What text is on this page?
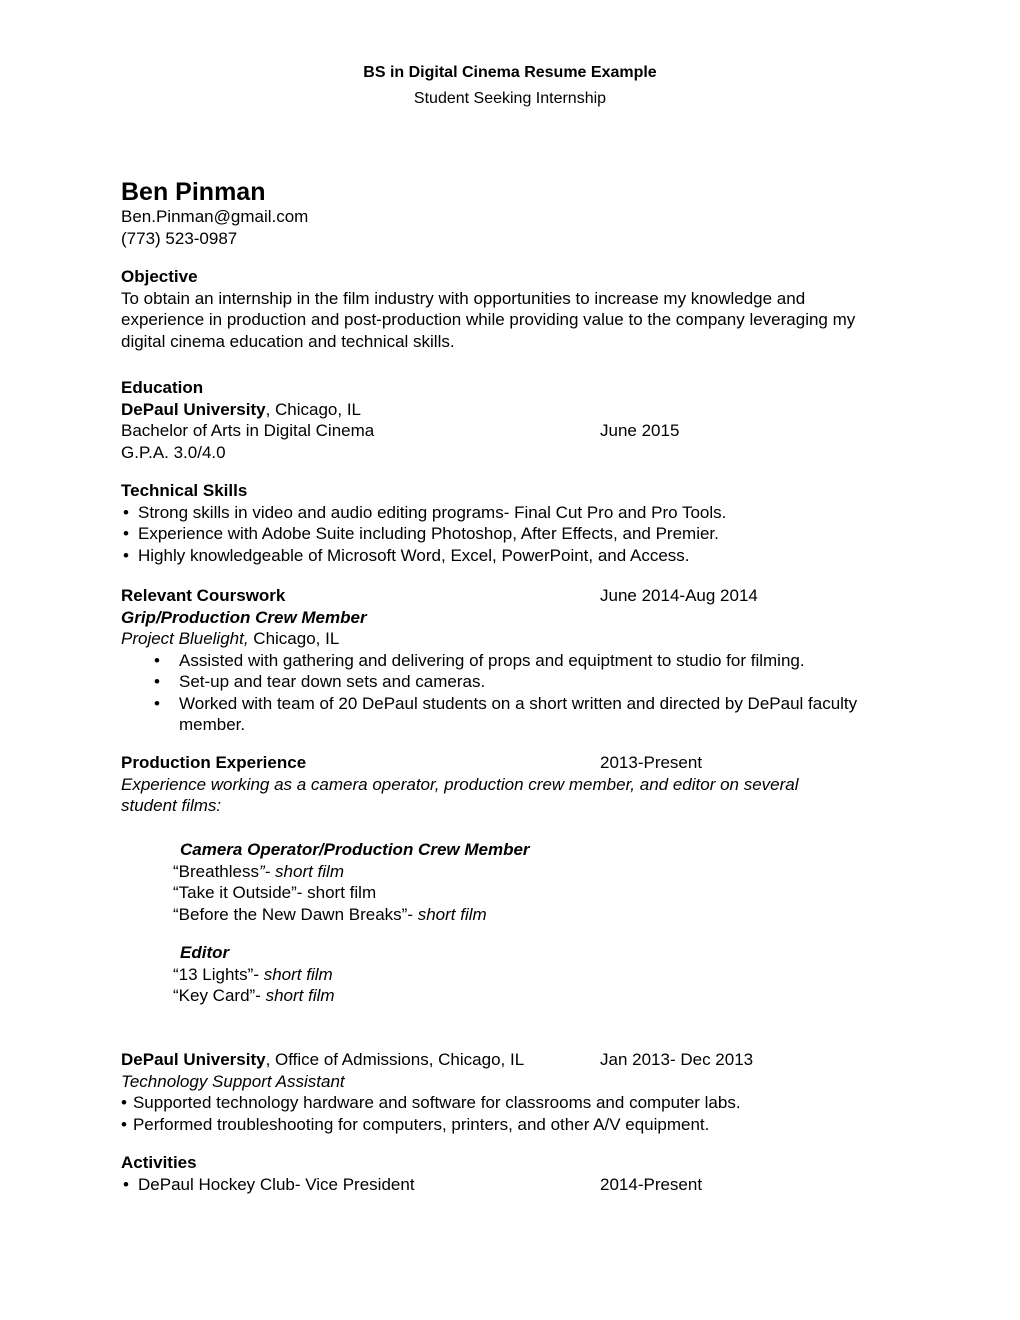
BS in Digital Cinema Resume Example
Student Seeking Internship
Ben Pinman
Ben.Pinman@gmail.com
(773) 523-0987
Objective
To obtain an internship in the film industry with opportunities to increase my knowledge and
experience in production and post-production while providing value to the company leveraging my
digital cinema education and technical skills.
Education
DePaul University, Chicago, IL
Bachelor of Arts in Digital Cinema	June 2015
G.P.A. 3.0/4.0
Technical Skills
• Strong skills in video and audio editing programs- Final Cut Pro and Pro Tools.
• Experience with Adobe Suite including Photoshop, After Effects, and Premier.
• Highly knowledgeable of Microsoft Word, Excel, PowerPoint, and Access.
Relevant Courswork	June 2014-Aug 2014
Grip/Production Crew Member
Project Bluelight, Chicago, IL
• Assisted with gathering and delivering of props and equiptment to studio for filming.
• Set-up and tear down sets and cameras.
• Worked with team of 20 DePaul students on a short written and directed by DePaul faculty
member.
Production Experience	2013-Present
Experience working as a camera operator, production crew member, and editor on several
student films:
Camera Operator/Production Crew Member
“Breathless”- short film
“Take it Outside”- short film
“Before the New Dawn Breaks”- short film
Editor
“13 Lights”- short film
“Key Card”- short film
DePaul University, Office of Admissions, Chicago, IL	Jan 2013- Dec 2013
Technology Support Assistant
• Supported technology hardware and software for classrooms and computer labs.
• Performed troubleshooting for computers, printers, and other A/V equipment.
Activities
• DePaul Hockey Club- Vice President	2014-Present
